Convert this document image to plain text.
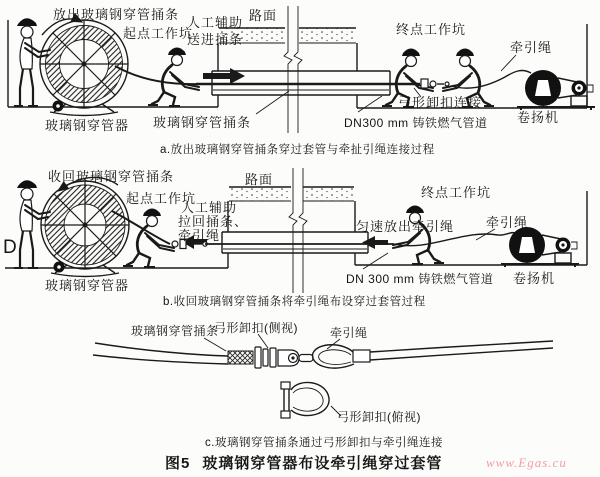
放出玻璃钢穿管捅条
起点工作坑
人工辅助
送进捅条
路面
终点工作坑
牵引绳
玻璃钢穿管器 玻璃钢穿管捅条
弓形卸扣连接
DN300 mm 铸铁燃气管道 卷扬机
a.放出玻璃钢穿管捅条穿过套管与牵扯引绳连接过程
D
收回玻璃钢穿管捅条
起点工作坑
人工辅助
拉回捅条、
牵引绳
路面
终点工作坑
匀速放出牵引绳 牵引绳
玻璃钢穿管器	DN 300 mm 铸铁燃气管道 卷扬机
b.收回玻璃钢穿管捅条将牵引绳布设穿过套管过程
玻璃钢穿管捅条
弓形卸扣(侧视)	牵引绳
弓形卸扣(俯视)
c.玻璃钢穿管捅条通过弓形卸扣与牵引绳连接
图5 玻璃钢穿管器布设牵引绳穿过套管	www.Egas.cu
